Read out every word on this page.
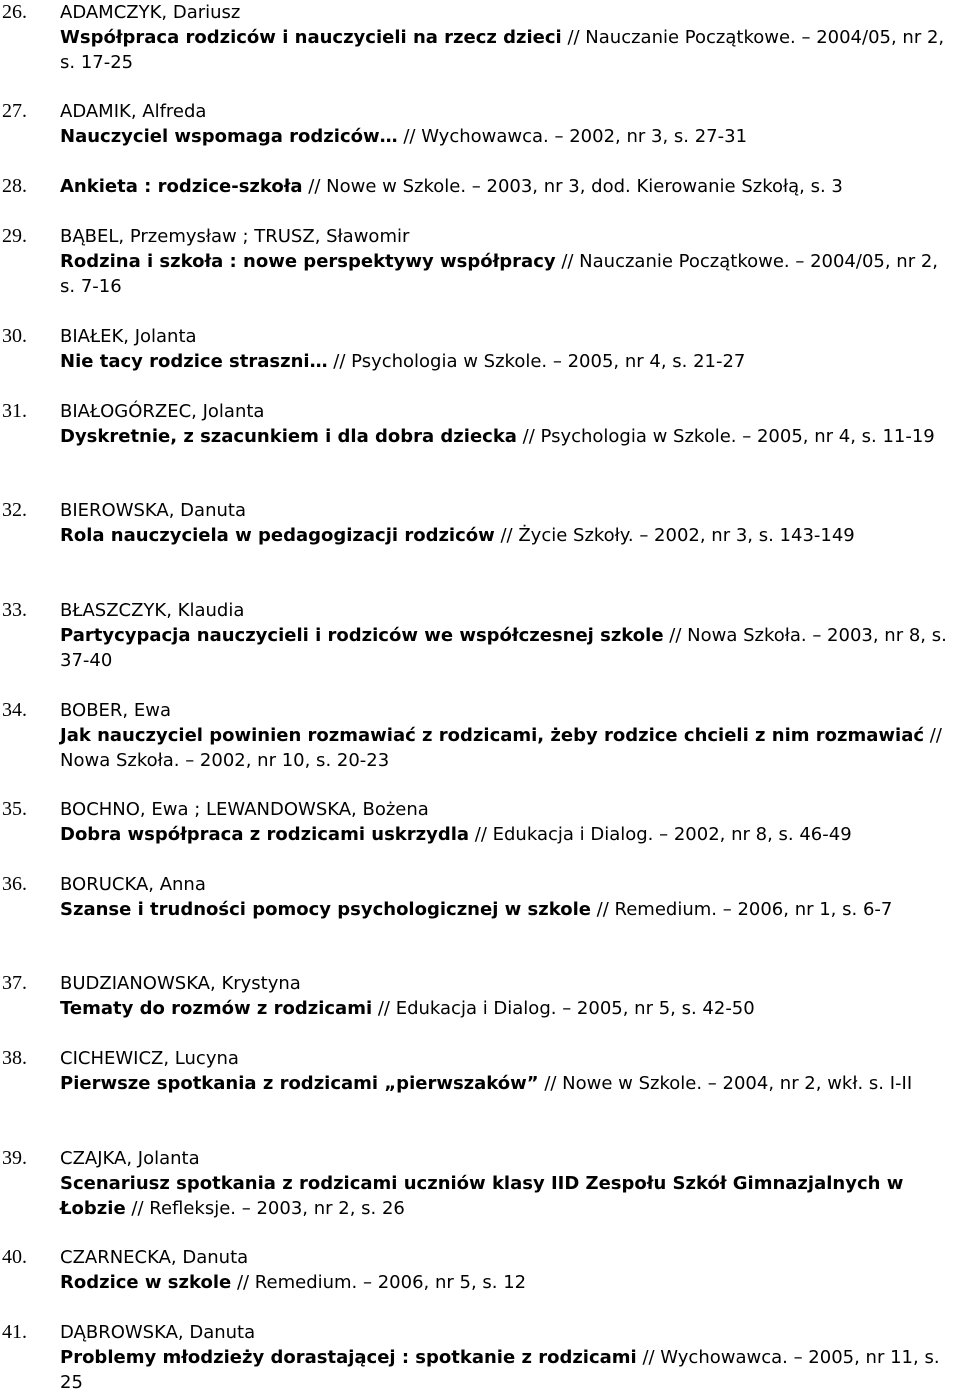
26. ADAMCZYK, Dariusz
Współpraca rodziców i nauczycieli na rzecz dzieci // Nauczanie Początkowe. – 2004/05, nr 2, s. 17-25
27. ADAMIK, Alfreda
Nauczyciel wspomaga rodziców… // Wychowawca. – 2002, nr 3, s. 27-31
28. Ankieta : rodzice-szkoła // Nowe w Szkole. – 2003, nr 3, dod. Kierowanie Szkołą, s. 3
29. BĄBEL, Przemysław ; TRUSZ, Sławomir
Rodzina i szkoła : nowe perspektywy współpracy // Nauczanie Początkowe. – 2004/05, nr 2, s. 7-16
30. BIAŁEK, Jolanta
Nie tacy rodzice straszni… // Psychologia w Szkole. – 2005, nr 4, s. 21-27
31. BIAŁOGÓRZEC, Jolanta
Dyskretnie, z szacunkiem i dla dobra dziecka // Psychologia w Szkole. – 2005, nr 4, s. 11-19
32. BIEROWSKA, Danuta
Rola nauczyciela w pedagogizacji rodziców // Życie Szkoły. – 2002, nr 3, s. 143-149
33. BŁASZCZYK, Klaudia
Partycypacja nauczycieli i rodziców we współczesnej szkole // Nowa Szkoła. – 2003, nr 8, s. 37-40
34. BOBER, Ewa
Jak nauczyciel powinien rozmawiać z rodzicami, żeby rodzice chcieli z nim rozmawiać // Nowa Szkoła. – 2002, nr 10, s. 20-23
35. BOCHNO, Ewa ; LEWANDOWSKA, Bożena
Dobra współpraca z rodzicami uskrzydla // Edukacja i Dialog. – 2002, nr 8, s. 46-49
36. BORUCKA, Anna
Szanse i trudności pomocy psychologicznej w szkole // Remedium. – 2006, nr 1, s. 6-7
37. BUDZIANOWSKA, Krystyna
Tematy do rozmów z rodzicami // Edukacja i Dialog. – 2005, nr 5, s. 42-50
38. CICHEWICZ, Lucyna
Pierwsze spotkania z rodzicami „pierwszaków” // Nowe w Szkole. – 2004, nr 2, wkł. s. I-II
39. CZAJKA, Jolanta
Scenariusz spotkania z rodzicami uczniów klasy IID Zespołu Szkół Gimnazjalnych w Łobzie // Refleksje. – 2003, nr 2, s. 26
40. CZARNECKA, Danuta
Rodzice w szkole // Remedium. – 2006, nr 5, s. 12
41. DĄBROWSKA, Danuta
Problemy młodzieży dorastającej : spotkanie z rodzicami // Wychowawca. – 2005, nr 11, s. 25
